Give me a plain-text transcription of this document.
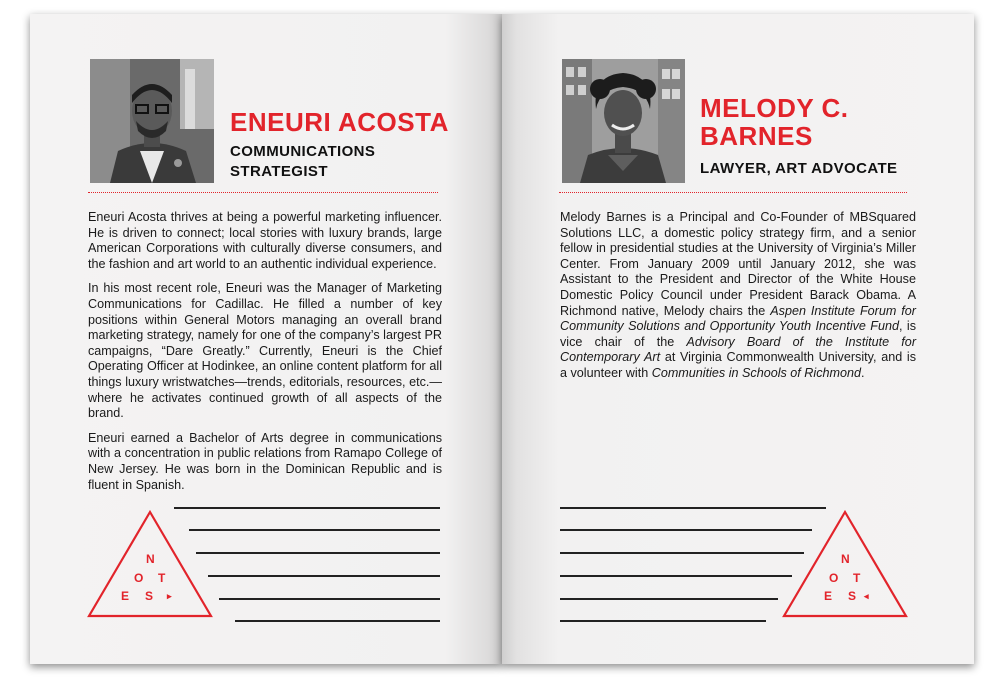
ENEURI ACOSTA
COMMUNICATIONS
STRATEGIST

Eneuri Acosta thrives at being a powerful marketing influencer. He is driven to connect; local stories with luxury brands, large American Corporations with culturally diverse consumers, and the fashion and art world to an authentic individual experience.

In his most recent role, Eneuri was the Manager of Marketing Communications for Cadillac. He filled a number of key positions within General Motors managing an overall brand marketing strategy, namely for one of the company’s largest PR campaigns, “Dare Greatly.” Currently, Eneuri is the Chief Operating Officer at Hodinkee, an online content platform for all things luxury wristwatches—trends, editorials, resources, etc.—where he activates continued growth of all aspects of the brand.

Eneuri earned a Bachelor of Arts degree in communications with a concentration in public relations from Ramapo College of New Jersey. He was born in the Dominican Republic and is fluent in Spanish.

N
O T
E S ▸
MELODY C.
BARNES
LAWYER, ART ADVOCATE

Melody Barnes is a Principal and Co-Founder of MBSquared Solutions LLC, a domestic policy strategy firm, and a senior fellow in presidential studies at the University of Virginia’s Miller Center. From January 2009 until January 2012, she was Assistant to the President and Director of the White House Domestic Policy Council under President Barack Obama. A Richmond native, Melody chairs the Aspen Institute Forum for Community Solutions and Opportunity Youth Incentive Fund, is vice chair of the Advisory Board of the Institute for Contemporary Art at Virginia Commonwealth University, and is a volunteer with Communities in Schools of Richmond.

N
O T
E S ◂
